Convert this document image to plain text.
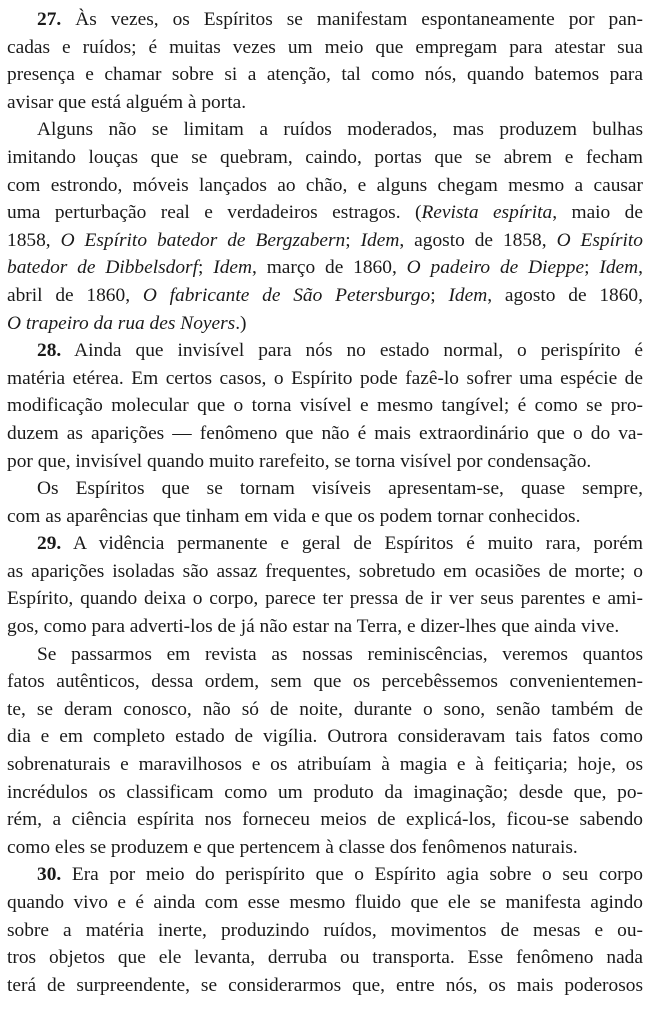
27. Às vezes, os Espíritos se manifestam espontaneamente por pan-
cadas e ruídos; é muitas vezes um meio que empregam para atestar sua
presença e chamar sobre si a atenção, tal como nós, quando batemos para
avisar que está alguém à porta.
Alguns não se limitam a ruídos moderados, mas produzem bulhas
imitando louças que se quebram, caindo, portas que se abrem e fecham
com estrondo, móveis lançados ao chão, e alguns chegam mesmo a causar
uma perturbação real e verdadeiros estragos. (Revista espírita, maio de
1858, O Espírito batedor de Bergzabern; Idem, agosto de 1858, O Espírito
batedor de Dibbelsdorf; Idem, março de 1860, O padeiro de Dieppe; Idem,
abril de 1860, O fabricante de São Petersburgo; Idem, agosto de 1860,
O trapeiro da rua des Noyers.)
28. Ainda que invisível para nós no estado normal, o perispírito é
matéria etérea. Em certos casos, o Espírito pode fazê-lo sofrer uma espécie de
modificação molecular que o torna visível e mesmo tangível; é como se pro-
duzem as aparições — fenômeno que não é mais extraordinário que o do va-
por que, invisível quando muito rarefeito, se torna visível por condensação.
Os Espíritos que se tornam visíveis apresentam-se, quase sempre,
com as aparências que tinham em vida e que os podem tornar conhecidos.
29. A vidência permanente e geral de Espíritos é muito rara, porém
as aparições isoladas são assaz frequentes, sobretudo em ocasiões de morte; o
Espírito, quando deixa o corpo, parece ter pressa de ir ver seus parentes e ami-
gos, como para adverti-los de já não estar na Terra, e dizer-lhes que ainda vive.
Se passarmos em revista as nossas reminiscências, veremos quantos
fatos autênticos, dessa ordem, sem que os percebêssemos convenientemen-
te, se deram conosco, não só de noite, durante o sono, senão também de
dia e em completo estado de vigília. Outrora consideravam tais fatos como
sobrenaturais e maravilhosos e os atribuíam à magia e à feitiçaria; hoje, os
incrédulos os classificam como um produto da imaginação; desde que, po-
rém, a ciência espírita nos forneceu meios de explicá-los, ficou-se sabendo
como eles se produzem e que pertencem à classe dos fenômenos naturais.
30. Era por meio do perispírito que o Espírito agia sobre o seu corpo
quando vivo e é ainda com esse mesmo fluido que ele se manifesta agindo
sobre a matéria inerte, produzindo ruídos, movimentos de mesas e ou-
tros objetos que ele levanta, derruba ou transporta. Esse fenômeno nada
terá de surpreendente, se considerarmos que, entre nós, os mais poderosos
